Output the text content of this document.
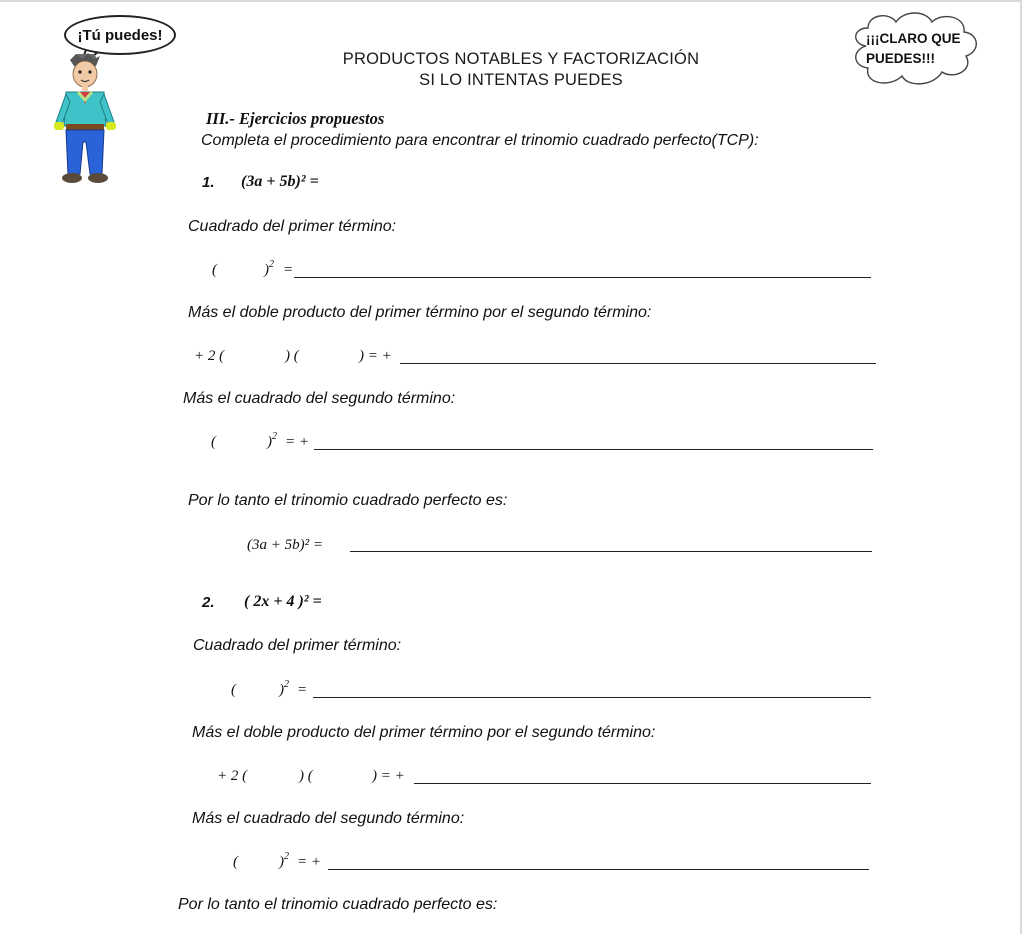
¡Tú puedes!	¡¡¡CLARO QUE
PUEDES!!!
PRODUCTOS NOTABLES Y FACTORIZACIÓN
SI LO INTENTAS PUEDES
III.- Ejercicios propuestos
Completa el procedimiento para encontrar el trinomio cuadrado perfecto(TCP):
1. (3a + 5b)² =
Cuadrado del primer término:
(	)$^2$ =
Más el doble producto del primer término por el segundo término:
+ 2 (	) (	) = +
Más el cuadrado del segundo término:
(	)$^2$ = +
Por lo tanto el trinomio cuadrado perfecto es:
(3a + 5b)² =
2. ( 2x + 4 )² =
Cuadrado del primer término:
(	)$^2$ =
Más el doble producto del primer término por el segundo término:
+ 2 (	) (	) = +
Más el cuadrado del segundo término:
(	)$^2$ = +
Por lo tanto el trinomio cuadrado perfecto es:
